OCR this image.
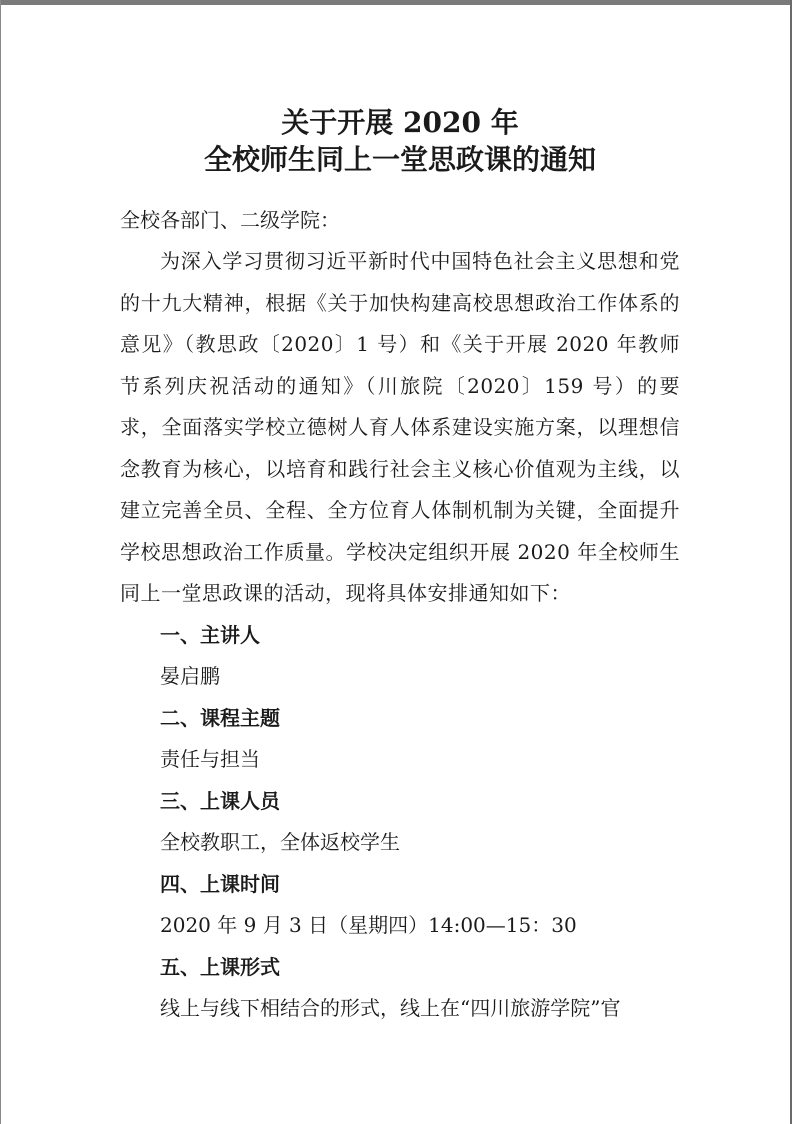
关于开展 2020 年
全校师生同上一堂思政课的通知
全校各部门、二级学院：

为深入学习贯彻习近平新时代中国特色社会主义思想和党的十九大精神，根据《关于加快构建高校思想政治工作体系的意见》（教思政〔2020〕1 号）和《关于开展 2020 年教师节系列庆祝活动的通知》（川旅院〔2020〕159 号）的要求，全面落实学校立德树人育人体系建设实施方案，以理想信念教育为核心，以培育和践行社会主义核心价值观为主线，以建立完善全员、全程、全方位育人体制机制为关键，全面提升学校思想政治工作质量。学校决定组织开展 2020 年全校师生同上一堂思政课的活动，现将具体安排通知如下：

一、主讲人
晏启鹏
二、课程主题
责任与担当
三、上课人员
全校教职工，全体返校学生
四、上课时间
2020 年 9 月 3 日（星期四）14:00—15：30
五、上课形式
线上与线下相结合的形式，线上在“四川旅游学院”官
